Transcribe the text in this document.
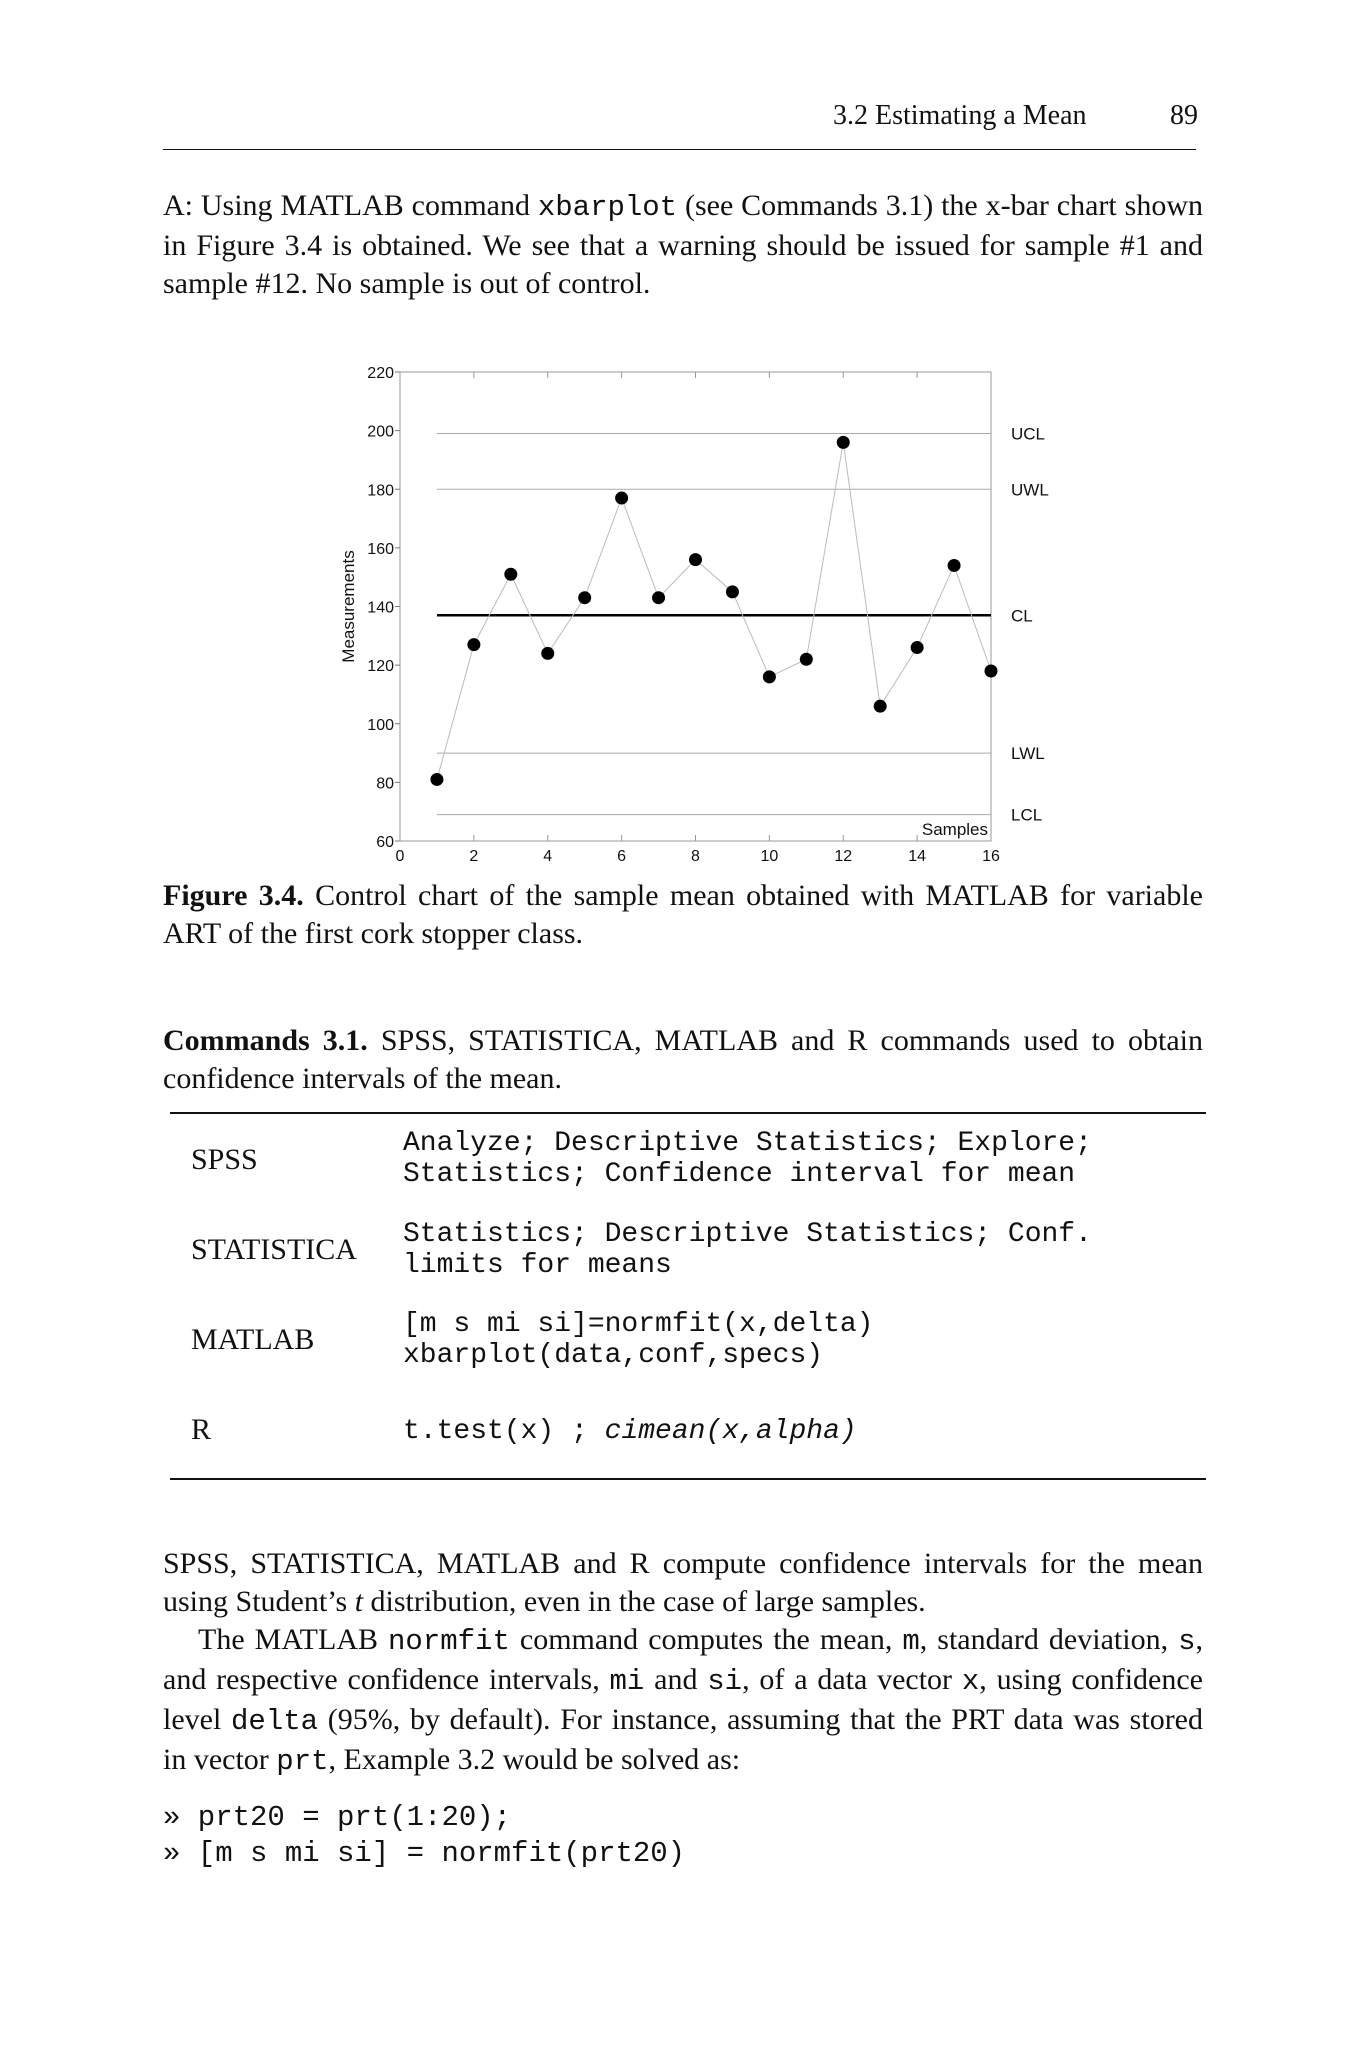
3.2 Estimating a Mean	89
A: Using MATLAB command xbarplot (see Commands 3.1) the x-bar chart shown in Figure 3.4 is obtained. We see that a warning should be issued for sample #1 and sample #12. No sample is out of control.
60
80
100
120
140
160
180
200
220
0	2	4	6	8	10	12	14	16
Samples
Measurements
UCL
UWL
CL
LWL
LCL
Figure 3.4. Control chart of the sample mean obtained with MATLAB for variable ART of the first cork stopper class.
Commands 3.1. SPSS, STATISTICA, MATLAB and R commands used to obtain confidence intervals of the mean.
SPSS	Analyze; Descriptive Statistics; Explore;
Statistics; Confidence interval for mean
STATISTICA Statistics; Descriptive Statistics; Conf.
limits for means
MATLAB	[m s mi si]=normfit(x,delta)
xbarplot(data,conf,specs)
R	t.test(x) ; cimean(x,alpha)
SPSS, STATISTICA, MATLAB and R compute confidence intervals for the mean using Student’s t distribution, even in the case of large samples.
The MATLAB normfit command computes the mean, m, standard deviation, s, and respective confidence intervals, mi and si, of a data vector x, using confidence level delta (95%, by default). For instance, assuming that the PRT data was stored in vector prt, Example 3.2 would be solved as:
» prt20 = prt(1:20);
» [m s mi si] = normfit(prt20)
